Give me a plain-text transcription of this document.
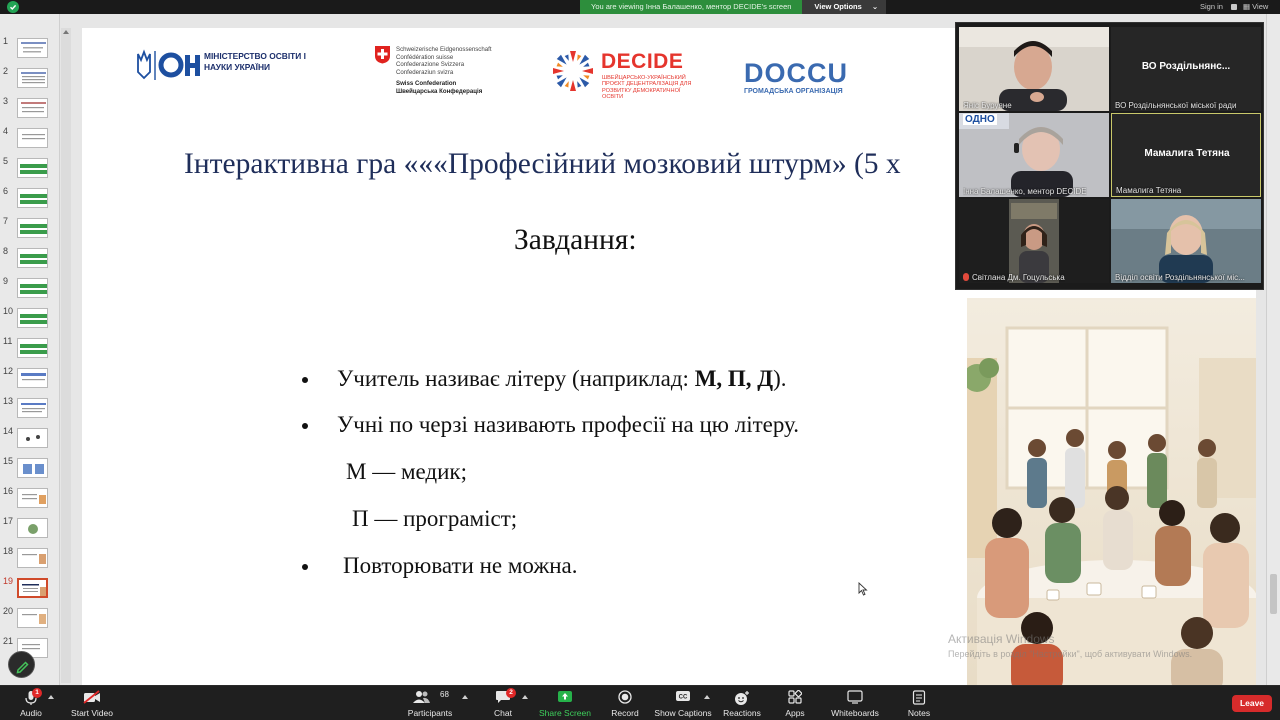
You are viewing Інна Балашенко, ментор DECIDE's screen	View Options ⌄	Sign in	▦ View
1
2
3
4
5
6
7
8
9
10
11
12
13
14
15
16
17
18
19
20
21
МІНІСТЕРСТВО ОСВІТИ І НАУКИ УКРАЇНИ
Schweizerische Eidgenossenschaft
Confédération suisse
Confederazione Svizzera
Confederaziun svizra
Swiss Confederation
Швейцарська Конфедерація
DECIDE
ШВЕЙЦАРСЬКО-УКРАЇНСЬКИЙ ПРОЄКТ ДЕЦЕНТРАЛІЗАЦІЯ ДЛЯ РОЗВИТКУ ДЕМОКРАТИЧНОЇ ОСВІТИ
DOCCU
ГРОМАДСЬКА ОРГАНІЗАЦІЯ
Інтерактивна гра «««Професійний мозковий штурм» (5 х
Завдання:
Учитель називає літеру (наприклад: М, П, Д).
Учні по черзі називають професії на цю літеру.
М — медик;
П — програміст;
Повторювати не можна.
Активація Windows
Перейдіть в розділ "Настройки", щоб активувати Windows.
Яніс Буруяне
ВО Роздільнянс...
ВО Роздільнянської міської ради
ОДНО
Інна Балашенко, ментор DECIDE
Мамалига Тетяна
Мамалига Тетяна
Світлана Дм. Гоцульська	Відділ освіти Роздільнянської міс...
1
Audio	Start Video
68
Participants
2
Chat	Share Screen	Record
CC
Show Captions Reactions	Apps	Whiteboards	Notes
Leave
